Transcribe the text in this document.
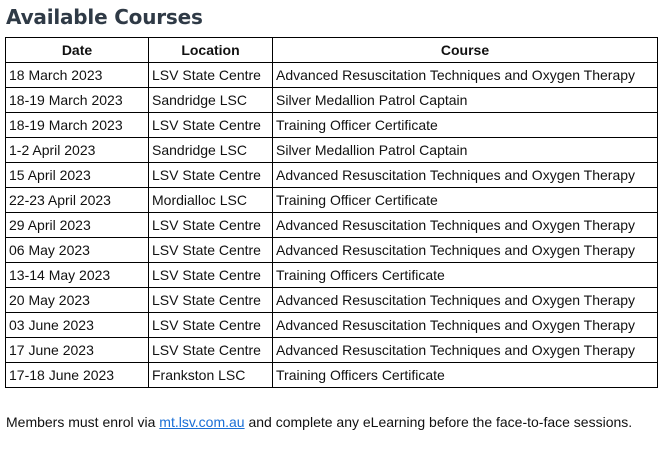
Available Courses
Date	Location	Course
18 March 2023	LSV State Centre	Advanced Resuscitation Techniques and Oxygen Therapy
18-19 March 2023	Sandridge LSC	Silver Medallion Patrol Captain
18-19 March 2023	LSV State Centre	Training Officer Certificate
1-2 April 2023	Sandridge LSC	Silver Medallion Patrol Captain
15 April 2023	LSV State Centre	Advanced Resuscitation Techniques and Oxygen Therapy
22-23 April 2023	Mordialloc LSC	Training Officer Certificate
29 April 2023	LSV State Centre	Advanced Resuscitation Techniques and Oxygen Therapy
06 May 2023	LSV State Centre	Advanced Resuscitation Techniques and Oxygen Therapy
13-14 May 2023	LSV State Centre	Training Officers Certificate
20 May 2023	LSV State Centre	Advanced Resuscitation Techniques and Oxygen Therapy
03 June 2023	LSV State Centre	Advanced Resuscitation Techniques and Oxygen Therapy
17 June 2023	LSV State Centre	Advanced Resuscitation Techniques and Oxygen Therapy
17-18 June 2023	Frankston LSC	Training Officers Certificate

Members must enrol via mt.lsv.com.au and complete any eLearning before the face-to-face sessions.
